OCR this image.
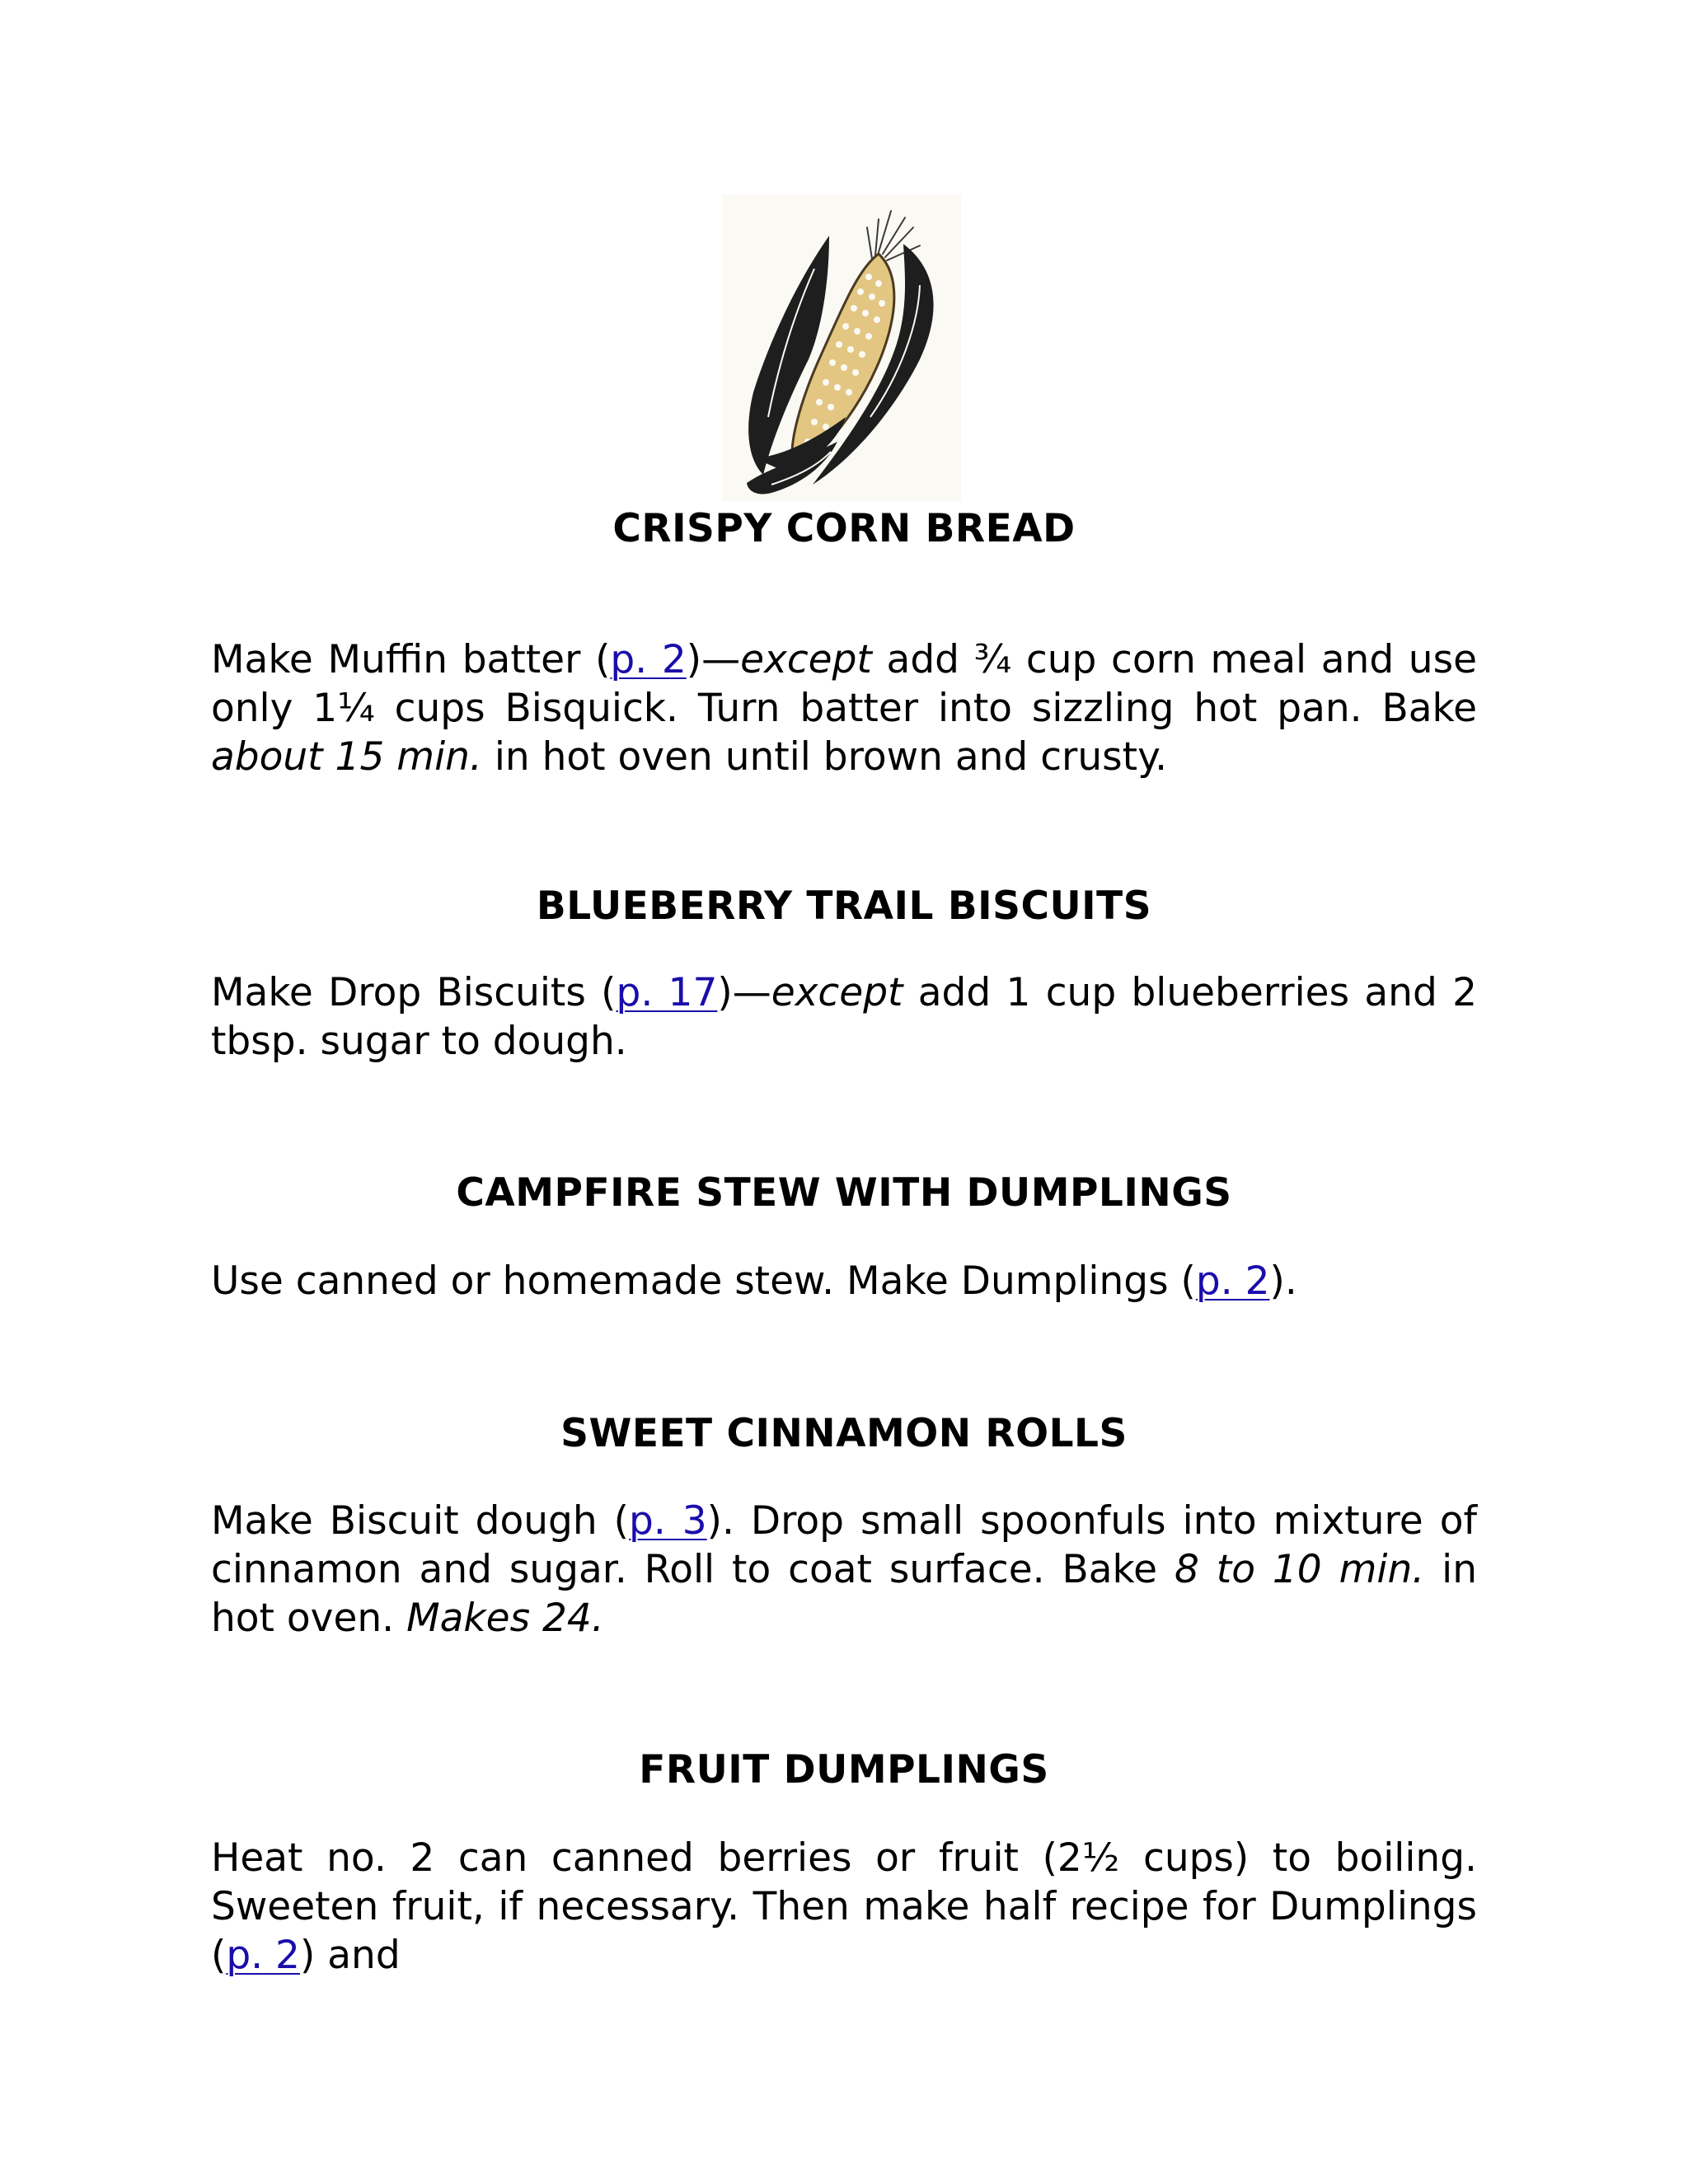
CRISPY CORN BREAD

Make Muffin batter (p. 2)—except add ¾ cup corn meal and use only 1¼ cups Bisquick. Turn batter into sizzling hot pan. Bake about 15 min. in hot oven until brown and crusty.

BLUEBERRY TRAIL BISCUITS

Make Drop Biscuits (p. 17)—except add 1 cup blueberries and 2 tbsp. sugar to dough.

CAMPFIRE STEW WITH DUMPLINGS

Use canned or homemade stew. Make Dumplings (p. 2).

SWEET CINNAMON ROLLS

Make Biscuit dough (p. 3). Drop small spoonfuls into mixture of cinnamon and sugar. Roll to coat surface. Bake 8 to 10 min. in hot oven. Makes 24.

FRUIT DUMPLINGS

Heat no. 2 can canned berries or fruit (2½ cups) to boiling. Sweeten fruit, if necessary. Then make half recipe for Dumplings (p. 2) and
